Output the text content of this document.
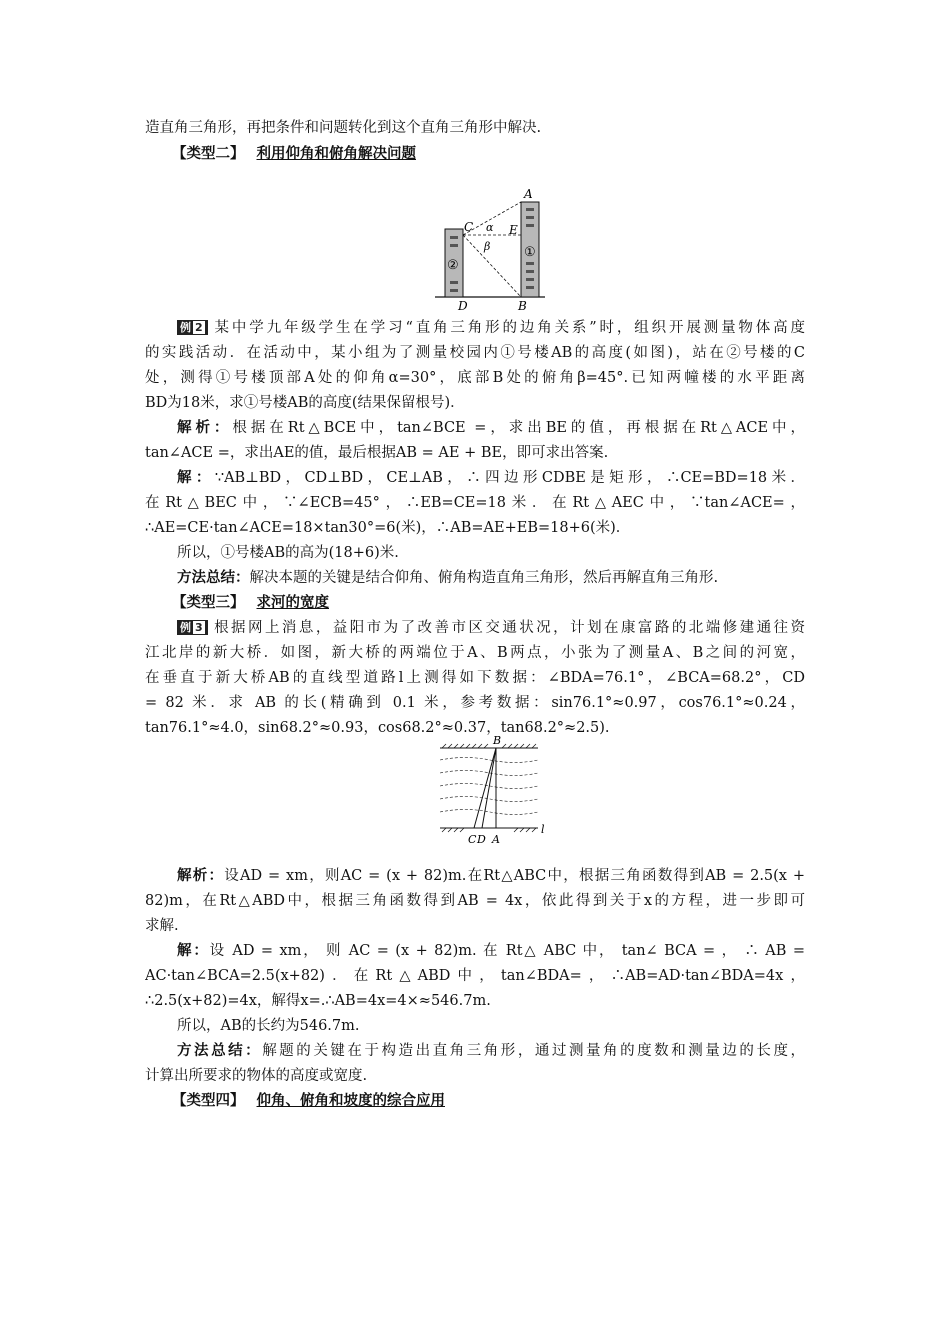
造直角三角形，再把条件和问题转化到这个直角三角形中解决.
【类型二】 利用仰角和俯角解决问题
A
C α
β
E
①
②
D	B
例 2 某中学九年级学生在学习“直角三角形的边角关系”时，组织开展测量物体高度
的实践活动．在活动中，某小组为了测量校园内①号楼AB的高度(如图)，站在②号楼的C
处，测得①号楼顶部A处的仰角α=30°，底部B处的俯角β=45°.已知两幢楼的水平距离
BD为18米，求①号楼AB的高度(结果保留根号)．
解析：根据在Rt△BCE中，tan∠BCE =，求出BE的值，再根据在Rt△ACE中，
tan∠ACE =，求出AE的值，最后根据AB = AE + BE，即可求出答案.
解：∵AB⊥BD，CD⊥BD，CE⊥AB，∴四边形CDBE是矩形，∴CE=BD=18米．
在Rt△BEC中，∵∠ECB=45°，∴EB=CE=18米．在Rt△AEC中，∵tan∠ACE=，
∴AE=CE·tan∠ACE=18×tan30°=6(米)，∴AB=AE+EB=18+6(米)．
所以，①号楼AB的高为(18+6)米.
方法总结：解决本题的关键是结合仰角、俯角构造直角三角形，然后再解直角三角形.
【类型三】 求河的宽度
例 3 根据网上消息，益阳市为了改善市区交通状况，计划在康富路的北端修建通往资
江北岸的新大桥．如图，新大桥的两端位于A、B两点，小张为了测量A、B之间的河宽，
在垂直于新大桥AB的直线型道路l上测得如下数据：∠BDA=76.1°，∠BCA=68.2°，CD
= 82 米．求 AB 的长(精确到 0.1 米，参考数据：sin76.1°≈0.97，cos76.1°≈0.24，
tan76.1°≈4.0，sin68.2°≈0.93，cos68.2°≈0.37，tan68.2°≈2.5).
B
C D A
l
解析：设AD = xm，则AC = (x + 82)m.在Rt△ABC中，根据三角函数得到AB = 2.5(x +
82)m，在Rt△ABD中，根据三角函数得到AB = 4x，依此得到关于x的方程，进一步即可
求解.
解：设 AD = xm， 则 AC = (x + 82)m. 在 Rt△ ABC 中， tan∠ BCA = ， ∴ AB =
AC·tan∠BCA=2.5(x+82)．在Rt△ABD中，tan∠BDA=，∴AB=AD·tan∠BDA=4x，
∴2.5(x+82)=4x，解得x=.∴AB=4x=4×≈546.7m.
所以，AB的长约为546.7m.
方法总结：解题的关键在于构造出直角三角形，通过测量角的度数和测量边的长度，
计算出所要求的物体的高度或宽度.
【类型四】 仰角、俯角和坡度的综合应用
